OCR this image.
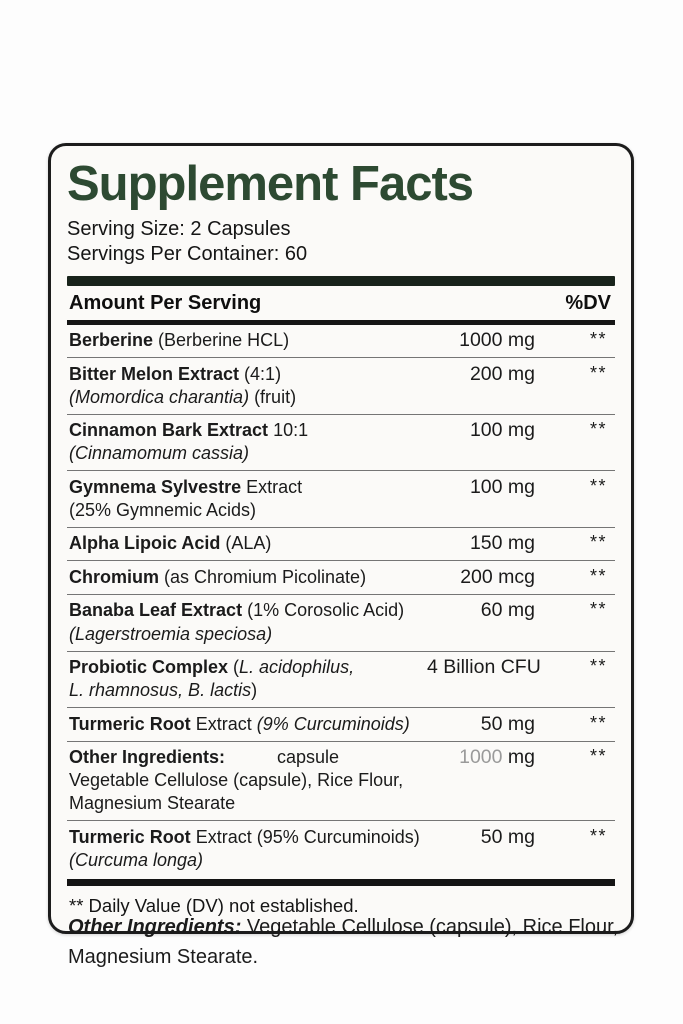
Supplement Facts
Serving Size: 2 Capsules
Servings Per Container: 60
Amount Per Serving	%DV
Berberine (Berberine HCL)	1000 mg	**
Bitter Melon Extract (4:1)
(Momordica charantia) (fruit)
200 mg	**
Cinnamon Bark Extract 10:1
(Cinnamomum cassia)
100 mg	**
Gymnema Sylvestre Extract
(25% Gymnemic Acids)
100 mg	**
Alpha Lipoic Acid (ALA)	150 mg	**
Chromium (as Chromium Picolinate)	200 mcg	**
Banaba Leaf Extract (1% Corosolic Acid)
(Lagerstroemia speciosa)
60 mg	**
Probiotic Complex (L. acidophilus,
L. rhamnosus, B. lactis)
4 Billion CFU	**
Turmeric Root Extract (9% Curcuminoids)	50 mg	**
Other Ingredients:	capsule
Vegetable Cellulose (capsule), Rice Flour,
Magnesium Stearate
1000 mg	**
Turmeric Root Extract (95% Curcuminoids)
(Curcuma longa)
50 mg	**
** Daily Value (DV) not established.

Other Ingredients: Vegetable Cellulose (capsule), Rice Flour, Magnesium Stearate.
